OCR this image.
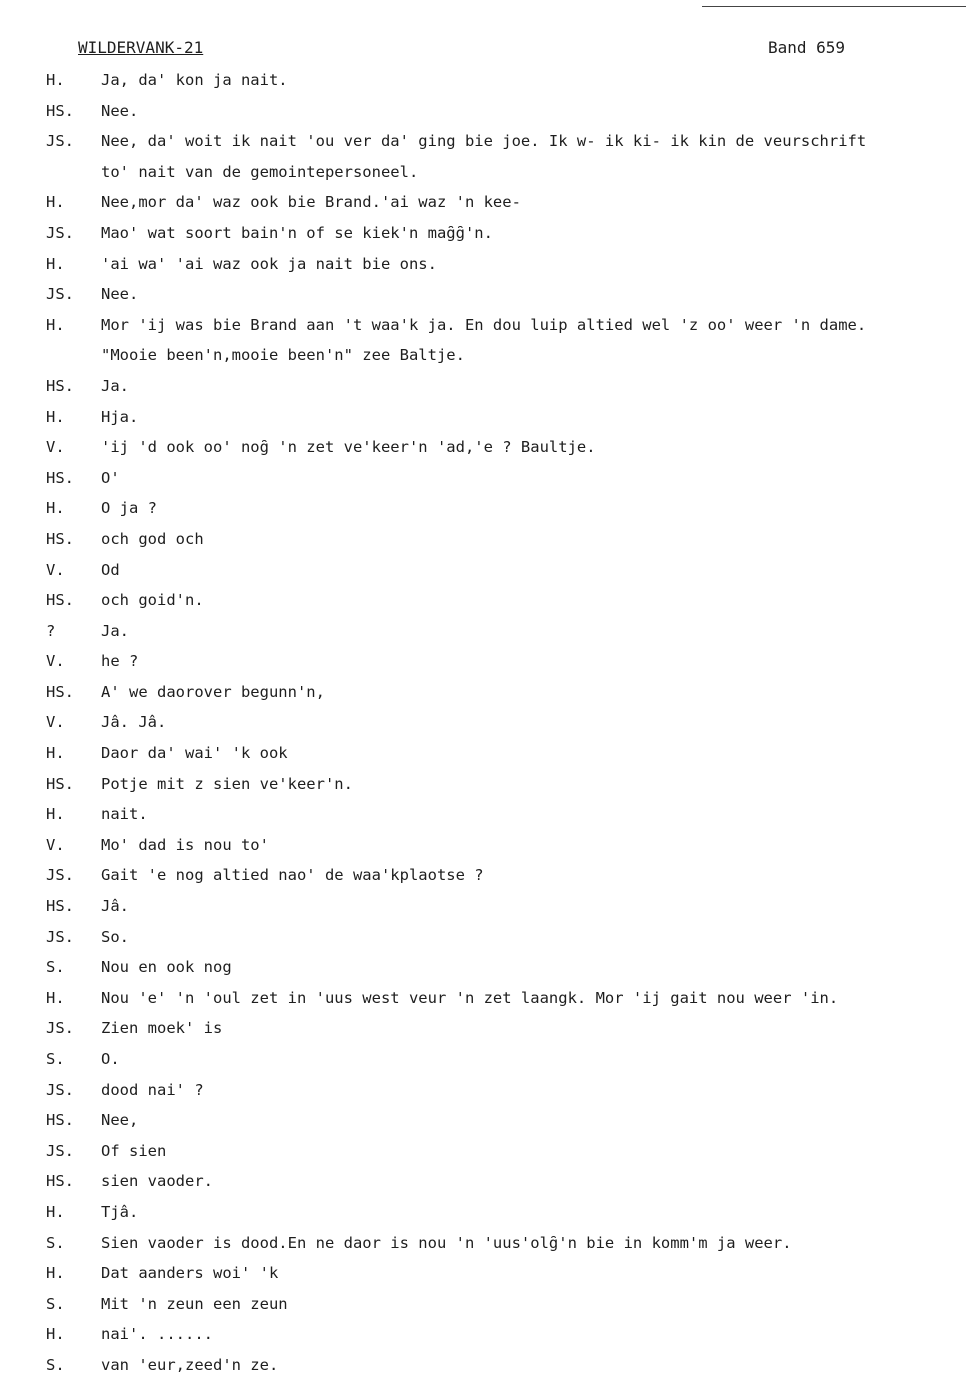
WILDERVANK-21	Band 659
H. Ja, da' kon ja nait.
HS. Nee.
JS. Nee, da' woit ik nait 'ou ver da' ging bie joe. Ik w- ik ki- ik kin de veurschrift
to' nait van de gemointepersoneel.
H. Nee,mor da' waz ook bie Brand.'ai waz 'n kee-
JS. Mao' wat soort bain'n of se kiek'n mag̑g̑'n.
H. 'ai wa' 'ai waz ook ja nait bie ons.
JS. Nee.
H. Mor 'ij was bie Brand aan 't waa'k ja. En dou luip altied wel 'z oo' weer 'n dame.
"Mooie been'n,mooie been'n" zee Baltje.
HS. Ja.
H. Hja.
V. 'ij 'd ook oo' nog̑ 'n zet ve'keer'n 'ad,'e ? Baultje.
HS. O'
H. O ja ?
HS. och god och
V. Od
HS. och goid'n.
?	Ja.
V. he ?
HS. A' we daorover begunn'n,
V. Jâ. Jâ.
H. Daor da' wai' 'k ook
HS. Potje mit z sien ve'keer'n.
H. nait.
V. Mo' dad is nou to'
JS. Gait 'e nog altied nao' de waa'kplaotse ?
HS. Jâ.
JS. So.
S. Nou en ook nog
H. Nou 'e' 'n 'oul zet in 'uus west veur 'n zet laangk. Mor 'ij gait nou weer 'in.
JS. Zien moek' is
S. O.
JS. dood nai' ?
HS. Nee,
JS. Of sien
HS. sien vaoder.
H. Tjâ.
S. Sien vaoder is dood.En ne daor is nou 'n 'uus'olg̑'n bie in komm'm ja weer.
H. Dat aanders woi' 'k
S. Mit 'n zeun een zeun
H. nai'. ......
S. van 'eur,zeed'n ze.
